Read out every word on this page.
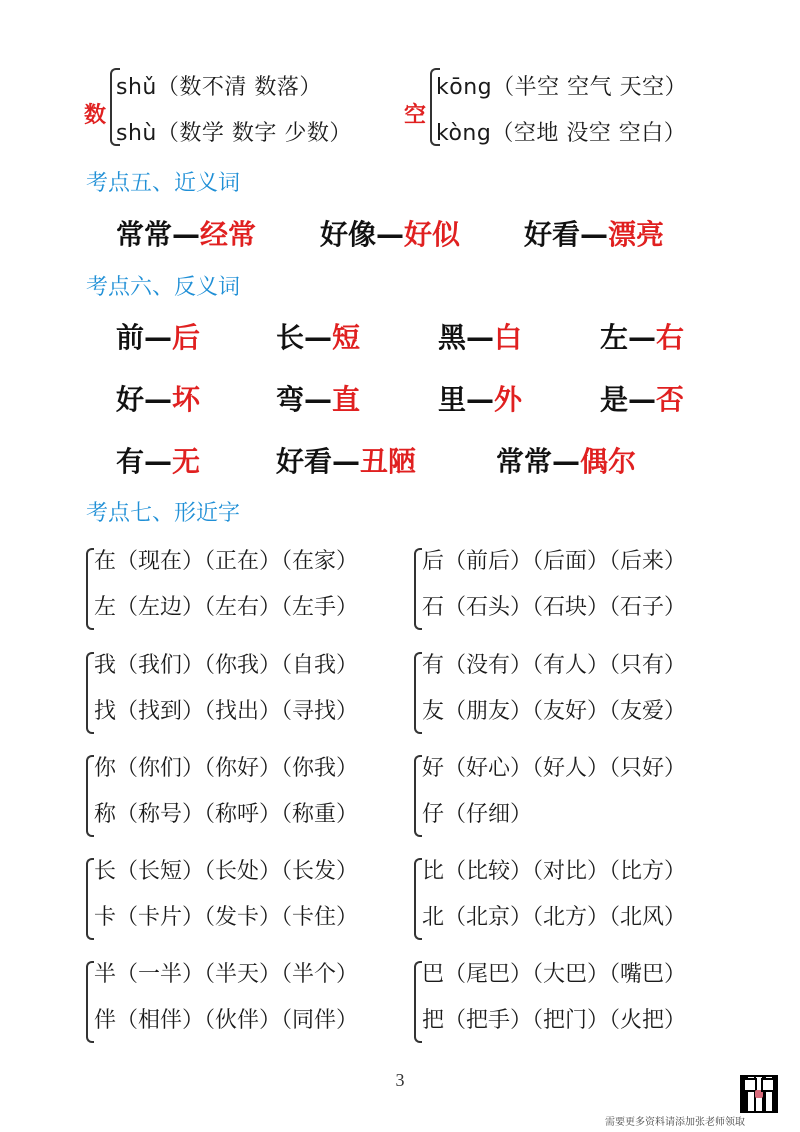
数
shǔ（数不清 数落）
shù（数学 数字 少数）
空
kōng（半空 空气 天空）
kòng（空地 没空 空白）
考点五、近义词
常常—经常 好像—好似 好看—漂亮
考点六、反义词
前—后	长—短	黑—白	左—右
好—坏	弯—直	里—外	是—否
有—无	好看—丑陋	常常—偶尔
考点七、形近字
在（现在）（正在）（在家）
左（左边）（左右）（左手）
后（前后）（后面）（后来）
石（石头）（石块）（石子）
我（我们）（你我）（自我）
找（找到）（找出）（寻找）
有（没有）（有人）（只有）
友（朋友）（友好）（友爱）
你（你们）（你好）（你我）
称（称号）（称呼）（称重）
好（好心）（好人）（只好）
仔（仔细）
长（长短）（长处）（长发）
卡（卡片）（发卡）（卡住）
比（比较）（对比）（比方）
北（北京）（北方）（北风）
半（一半）（半天）（半个）
伴（相伴）（伙伴）（同伴）
巴（尾巴）（大巴）（嘴巴）
把（把手）（把门）（火把）
3
需要更多资料请添加张老师领取
